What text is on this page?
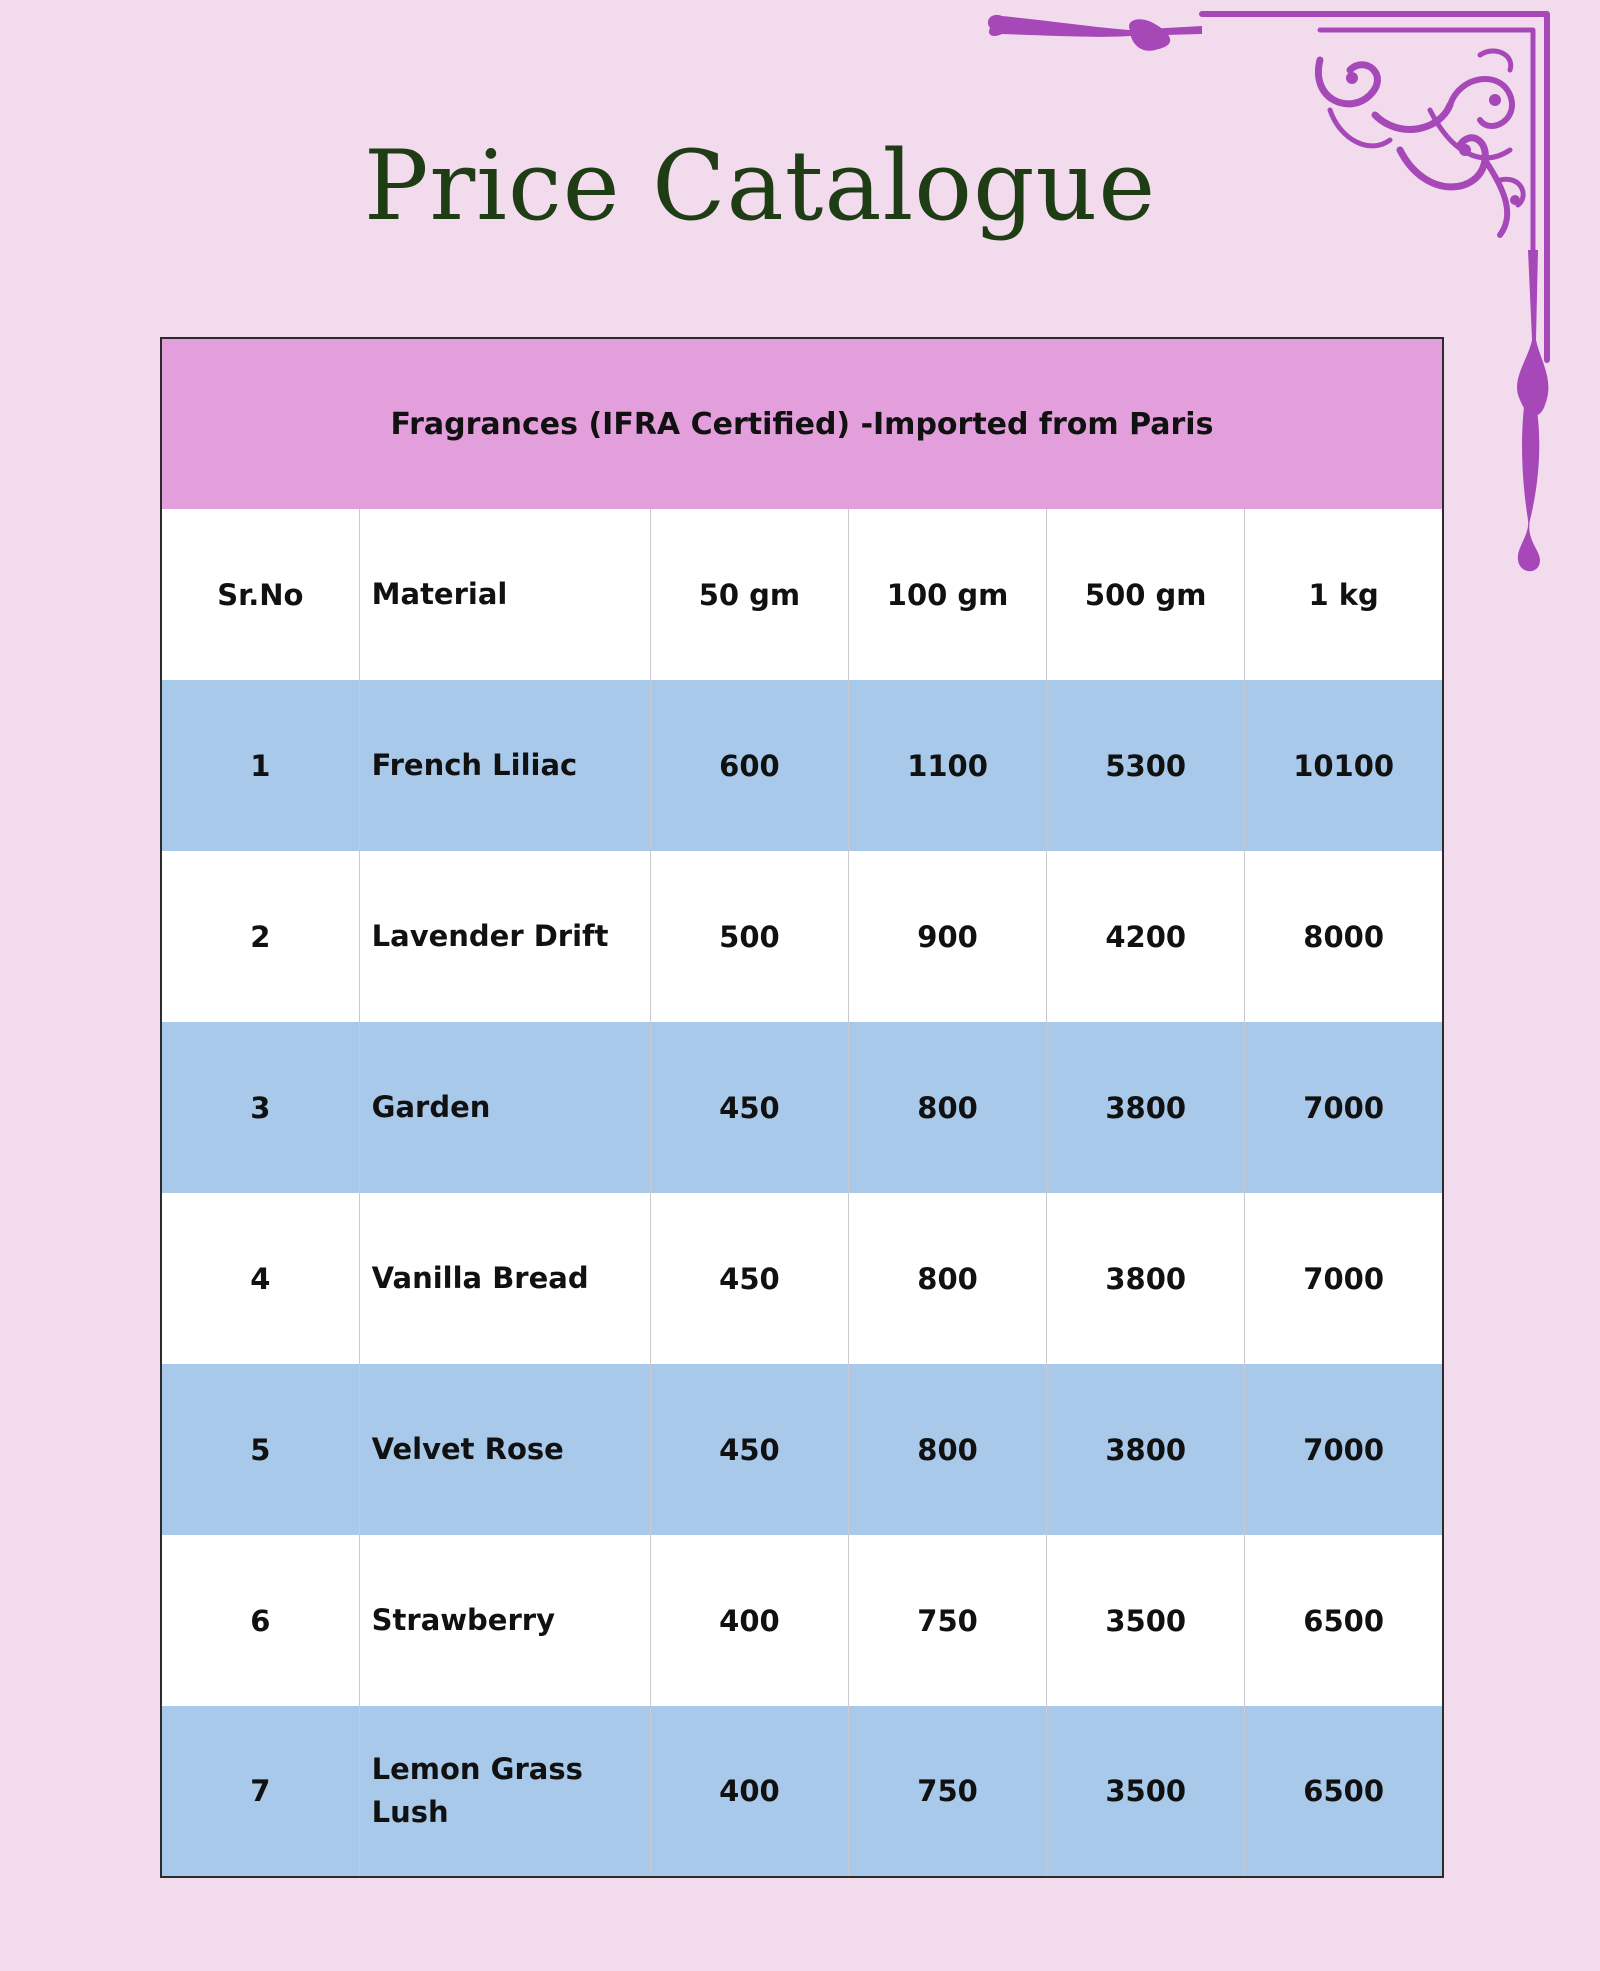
Price Catalogue
Fragrances (IFRA Certified) -Imported from Paris					
Sr.No	Material	50 gm	100 gm	500 gm	1 kg
1	French Liliac	600	1100	5300	10100
2	Lavender Drift	500	900	4200	8000
3	Garden	450	800	3800	7000
4	Vanilla Bread	450	800	3800	7000
5	Velvet Rose	450	800	3800	7000
6	Strawberry	400	750	3500	6500
7	Lemon Grass Lush	400	750	3500	6500
